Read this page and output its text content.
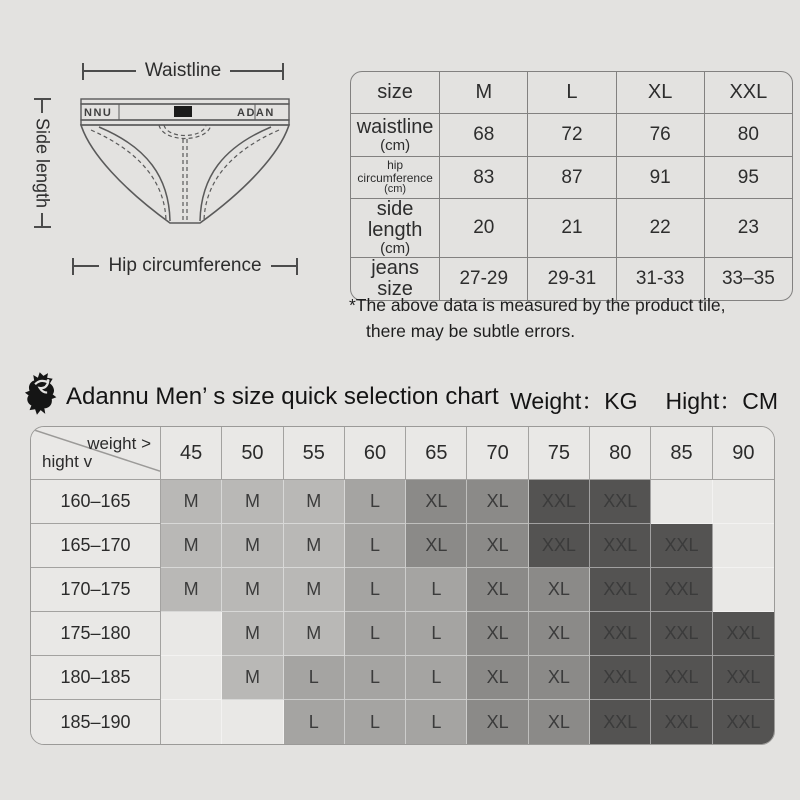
Waistline
Side length
NNU	ADAN
Hip circumference
size	M	L	XL	XXL

waistline
(cm)	68	72	76	80

hip circumference
(cm)	83	87	91	95

side length
(cm)	20	21	22	23

jeans size	27-29	29-31	31-33	33–35
*The above data is measured by the product tile,
there may be subtle errors.
Adannu Men’ s size quick selection chart Weight：KG Hight：CM
weight >
hight v	45	50	55	60	65	70	75	80	85	90
160–165	M	M	M	L	XL	XL	XXL	XXL		
165–170	M	M	M	L	XL	XL	XXL	XXL	XXL	
170–175	M	M	M	L	L	XL	XL	XXL	XXL	
175–180		M	M	L	L	XL	XL	XXL	XXL	XXL
180–185		M	L	L	L	XL	XL	XXL	XXL	XXL
185–190			L	L	L	XL	XL	XXL	XXL	XXL
